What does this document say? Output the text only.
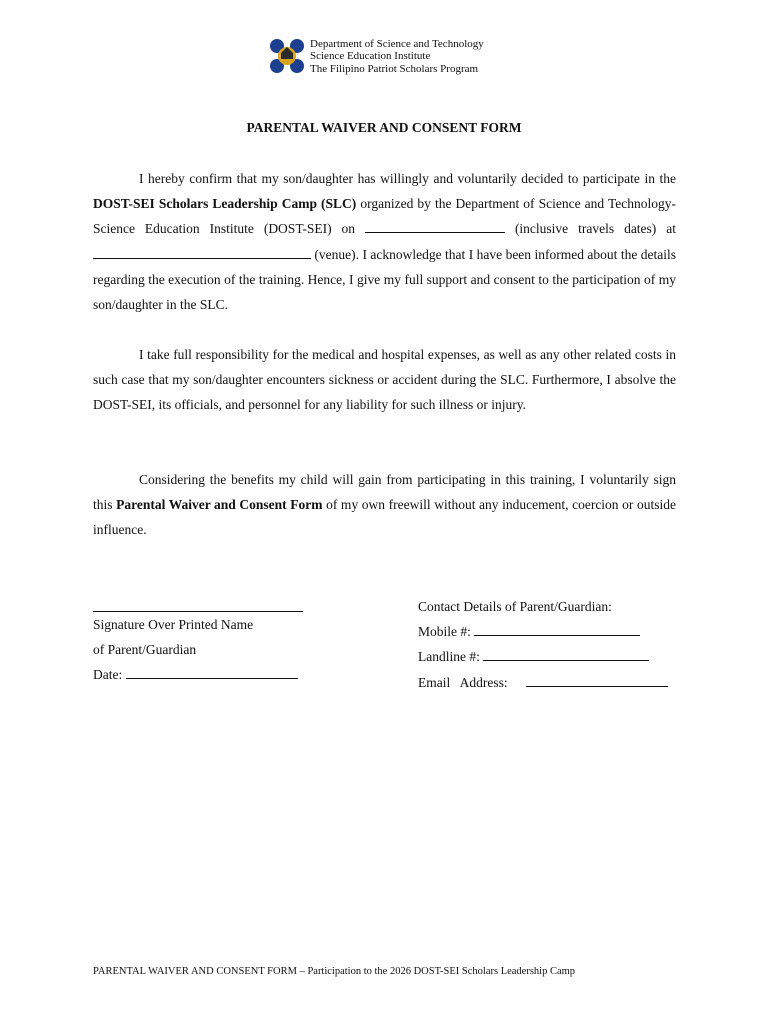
Department of Science and Technology
Science Education Institute
The Filipino Patriot Scholars Program
PARENTAL WAIVER AND CONSENT FORM

I hereby confirm that my son/daughter has willingly and voluntarily decided to participate in the DOST-SEI Scholars Leadership Camp (SLC) organized by the Department of Science and Technology-Science Education Institute (DOST-SEI) on	(inclusive travels dates) at  (venue). I acknowledge that I have been informed about the details regarding the execution of the training. Hence, I give my full support and consent to the participation of my son/daughter in the SLC.

I take full responsibility for the medical and hospital expenses, as well as any other related costs in such case that my son/daughter encounters sickness or accident during the SLC. Furthermore, I absolve the DOST-SEI, its officials, and personnel for any liability for such illness or injury.

Considering the benefits my child will gain from participating in this training, I voluntarily sign this Parental Waiver and Consent Form of my own freewill without any inducement, coercion or outside influence.

Signature Over Printed Name
of Parent/Guardian
Date:
Contact Details of Parent/Guardian:
Mobile #:
Landline #:
Email   Address:
PARENTAL WAIVER AND CONSENT FORM – Participation to the 2026 DOST-SEI Scholars Leadership Camp
